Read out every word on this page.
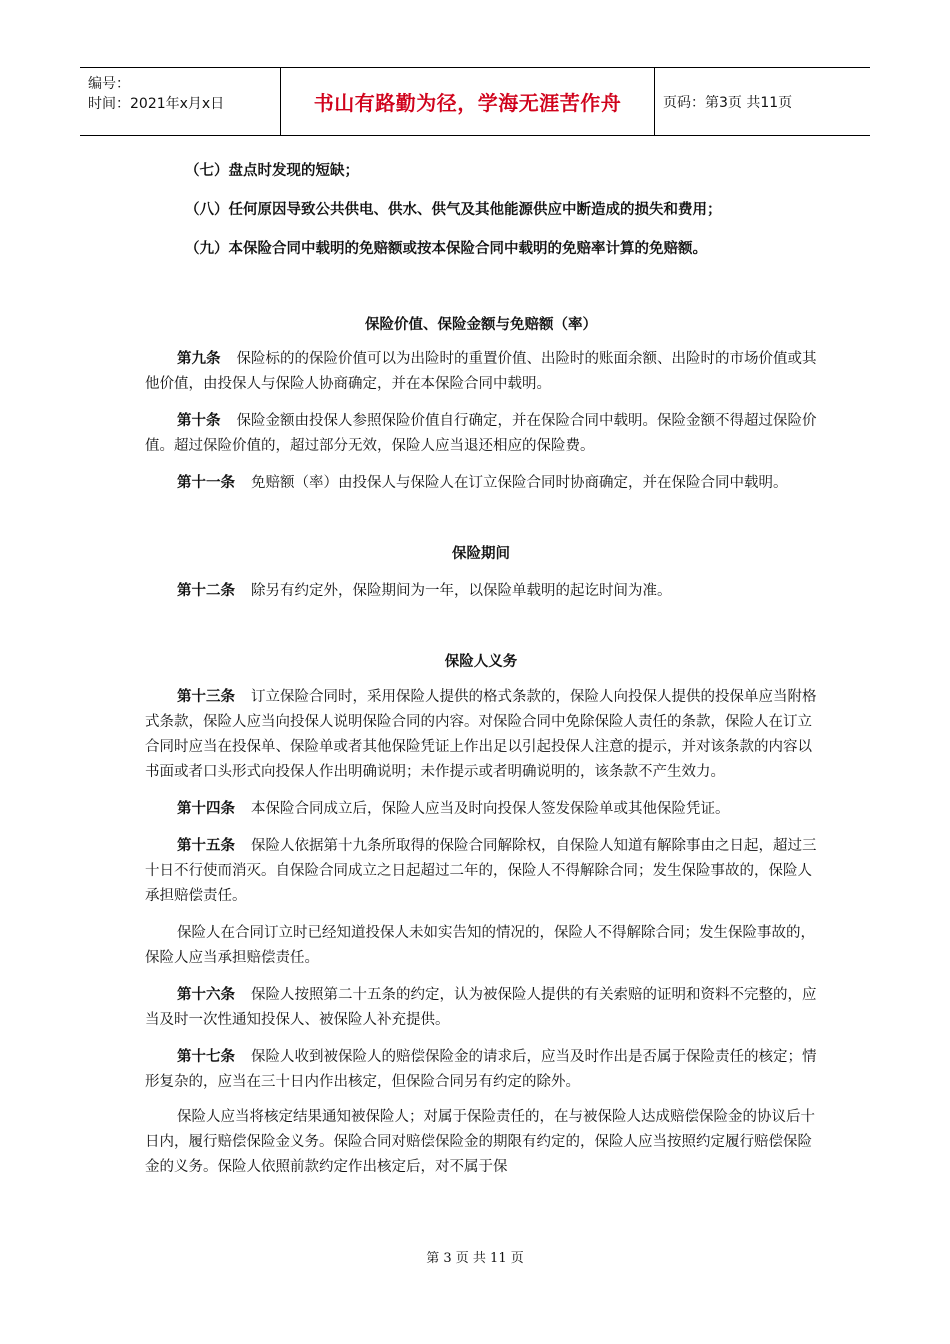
编号：
时间：2021年x月x日	书山有路勤为径，学海无涯苦作舟	页码：第3页 共11页
（七）盘点时发现的短缺；
（八）任何原因导致公共供电、供水、供气及其他能源供应中断造成的损失和费用；
（九）本保险合同中载明的免赔额或按本保险合同中载明的免赔率计算的免赔额。
保险价值、保险金额与免赔额（率）

第九条 保险标的的保险价值可以为出险时的重置价值、出险时的账面余额、出险时的市场价值或其他价值，由投保人与保险人协商确定，并在本保险合同中载明。

第十条 保险金额由投保人参照保险价值自行确定，并在保险合同中载明。保险金额不得超过保险价值。超过保险价值的，超过部分无效，保险人应当退还相应的保险费。

第十一条 免赔额（率）由投保人与保险人在订立保险合同时协商确定，并在保险合同中载明。

保险期间

第十二条 除另有约定外，保险期间为一年，以保险单载明的起讫时间为准。

保险人义务

第十三条 订立保险合同时，采用保险人提供的格式条款的，保险人向投保人提供的投保单应当附格式条款，保险人应当向投保人说明保险合同的内容。对保险合同中免除保险人责任的条款，保险人在订立合同时应当在投保单、保险单或者其他保险凭证上作出足以引起投保人注意的提示，并对该条款的内容以书面或者口头形式向投保人作出明确说明；未作提示或者明确说明的，该条款不产生效力。

第十四条 本保险合同成立后，保险人应当及时向投保人签发保险单或其他保险凭证。

第十五条 保险人依据第十九条所取得的保险合同解除权，自保险人知道有解除事由之日起，超过三十日不行使而消灭。自保险合同成立之日起超过二年的，保险人不得解除合同；发生保险事故的，保险人承担赔偿责任。

保险人在合同订立时已经知道投保人未如实告知的情况的，保险人不得解除合同；发生保险事故的，保险人应当承担赔偿责任。

第十六条 保险人按照第二十五条的约定，认为被保险人提供的有关索赔的证明和资料不完整的，应当及时一次性通知投保人、被保险人补充提供。

第十七条 保险人收到被保险人的赔偿保险金的请求后，应当及时作出是否属于保险责任的核定；情形复杂的，应当在三十日内作出核定，但保险合同另有约定的除外。

保险人应当将核定结果通知被保险人；对属于保险责任的，在与被保险人达成赔偿保险金的协议后十日内，履行赔偿保险金义务。保险合同对赔偿保险金的期限有约定的，保险人应当按照约定履行赔偿保险金的义务。保险人依照前款约定作出核定后，对不属于保

第 3 页 共 11 页
